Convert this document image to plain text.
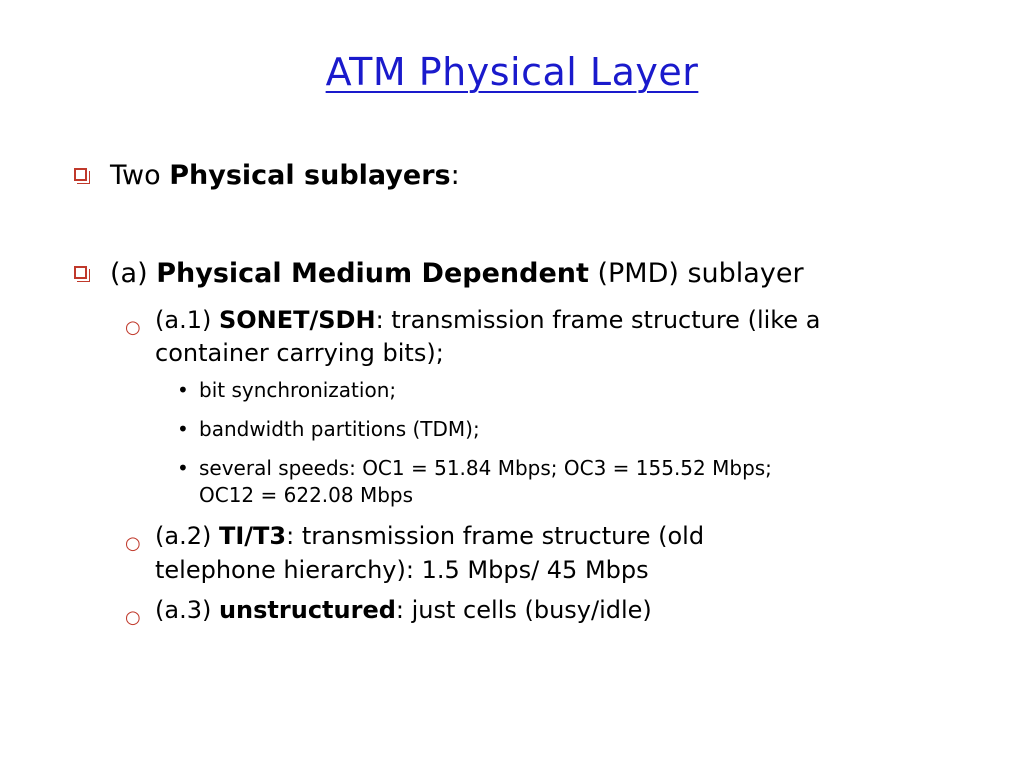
ATM Physical Layer
Two Physical sublayers:
(a) Physical Medium Dependent (PMD) sublayer
○ (a.1) SONET/SDH: transmission frame structure (like a
container carrying bits);
• bit synchronization;
• bandwidth partitions (TDM);
• several speeds: OC1 = 51.84 Mbps; OC3 = 155.52 Mbps;
OC12 = 622.08 Mbps
○ (a.2) TI/T3: transmission frame structure (old
telephone hierarchy): 1.5 Mbps/ 45 Mbps
○ (a.3) unstructured: just cells (busy/idle)
